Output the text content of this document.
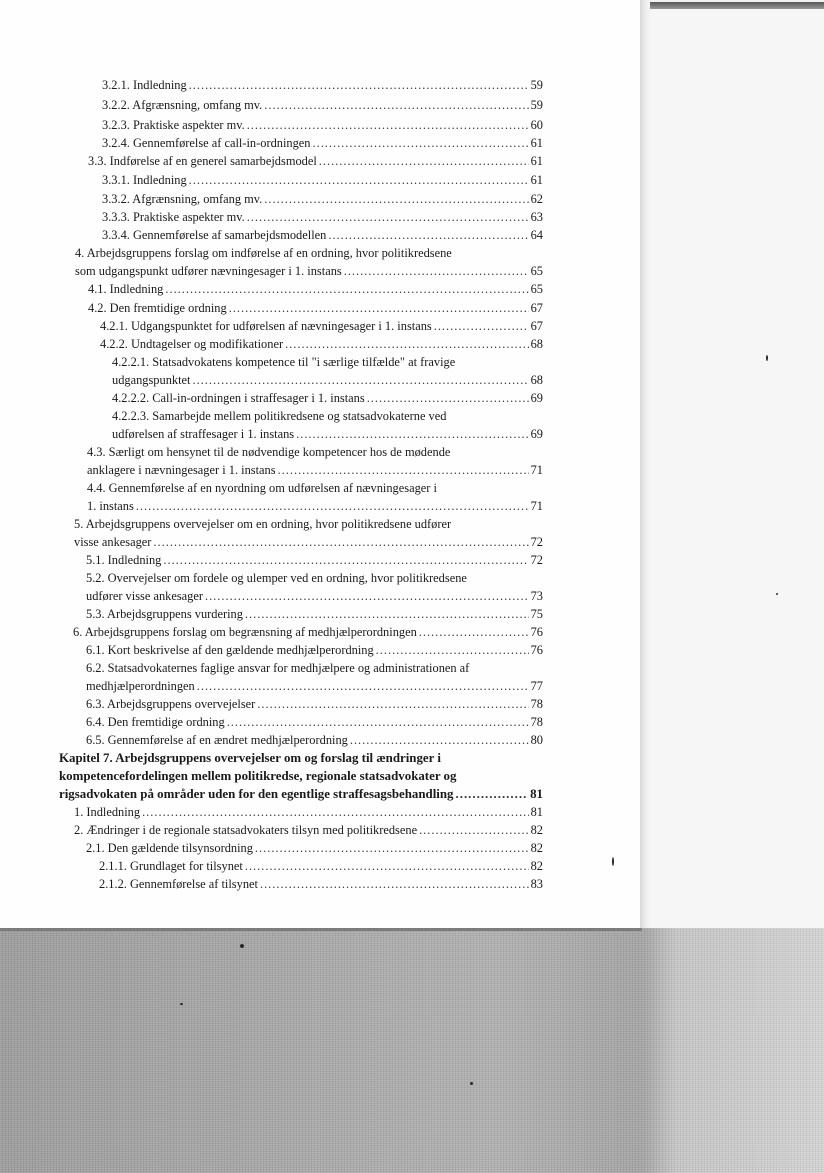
3.2.1. Indledning .....	59
3.2.2. Afgrænsning, omfang mv. .....	59
3.2.3. Praktiske aspekter mv. .....	60
3.2.4. Gennemførelse af call-in-ordningen .....	61
3.3. Indførelse af en generel samarbejdsmodel .....	61
3.3.1. Indledning .....	61
3.3.2. Afgrænsning, omfang mv. .....	62
3.3.3. Praktiske aspekter mv. .....	63
3.3.4. Gennemførelse af samarbejdsmodellen .....	64
4. Arbejdsgruppens forslag om indførelse af en ordning, hvor politikredsene
som udgangspunkt udfører nævningesager i 1. instans .....	65
4.1. Indledning .....	65
4.2. Den fremtidige ordning .....	67
4.2.1. Udgangspunktet for udførelsen af nævningesager i 1. instans .....	67
4.2.2. Undtagelser og modifikationer .....	68
4.2.2.1. Statsadvokatens kompetence til "i særlige tilfælde" at fravige
udgangspunktet .....	68
4.2.2.2. Call-in-ordningen i straffesager i 1. instans .....	69
4.2.2.3. Samarbejde mellem politikredsene og statsadvokaterne ved
udførelsen af straffesager i 1. instans .....	69
4.3. Særligt om hensynet til de nødvendige kompetencer hos de mødende
anklagere i nævningesager i 1. instans .....	71
4.4. Gennemførelse af en nyordning om udførelsen af nævningesager i
1. instans .....	71
5. Arbejdsgruppens overvejelser om en ordning, hvor politikredsene udfører
visse ankesager .....	72
5.1. Indledning .....	72
5.2. Overvejelser om fordele og ulemper ved en ordning, hvor politikredsene
udfører visse ankesager .....	73
5.3. Arbejdsgruppens vurdering .....	75
6. Arbejdsgruppens forslag om begrænsning af medhjælperordningen .....	76
6.1. Kort beskrivelse af den gældende medhjælperordning .....	76
6.2. Statsadvokaternes faglige ansvar for medhjælpere og administrationen af
medhjælperordningen .....	77
6.3. Arbejdsgruppens overvejelser .....	78
6.4. Den fremtidige ordning .....	78
6.5. Gennemførelse af en ændret medhjælperordning .....	80
Kapitel 7. Arbejdsgruppens overvejelser om og forslag til ændringer i
kompetencefordelingen mellem politikredse, regionale statsadvokater og
rigsadvokaten på områder uden for den egentlige straffesagsbehandling .....	81
1. Indledning .....	81
2. Ændringer i de regionale statsadvokaters tilsyn med politikredsene .....	82
2.1. Den gældende tilsynsordning .....	82
2.1.1. Grundlaget for tilsynet .....	82
2.1.2. Gennemførelse af tilsynet .....	83
